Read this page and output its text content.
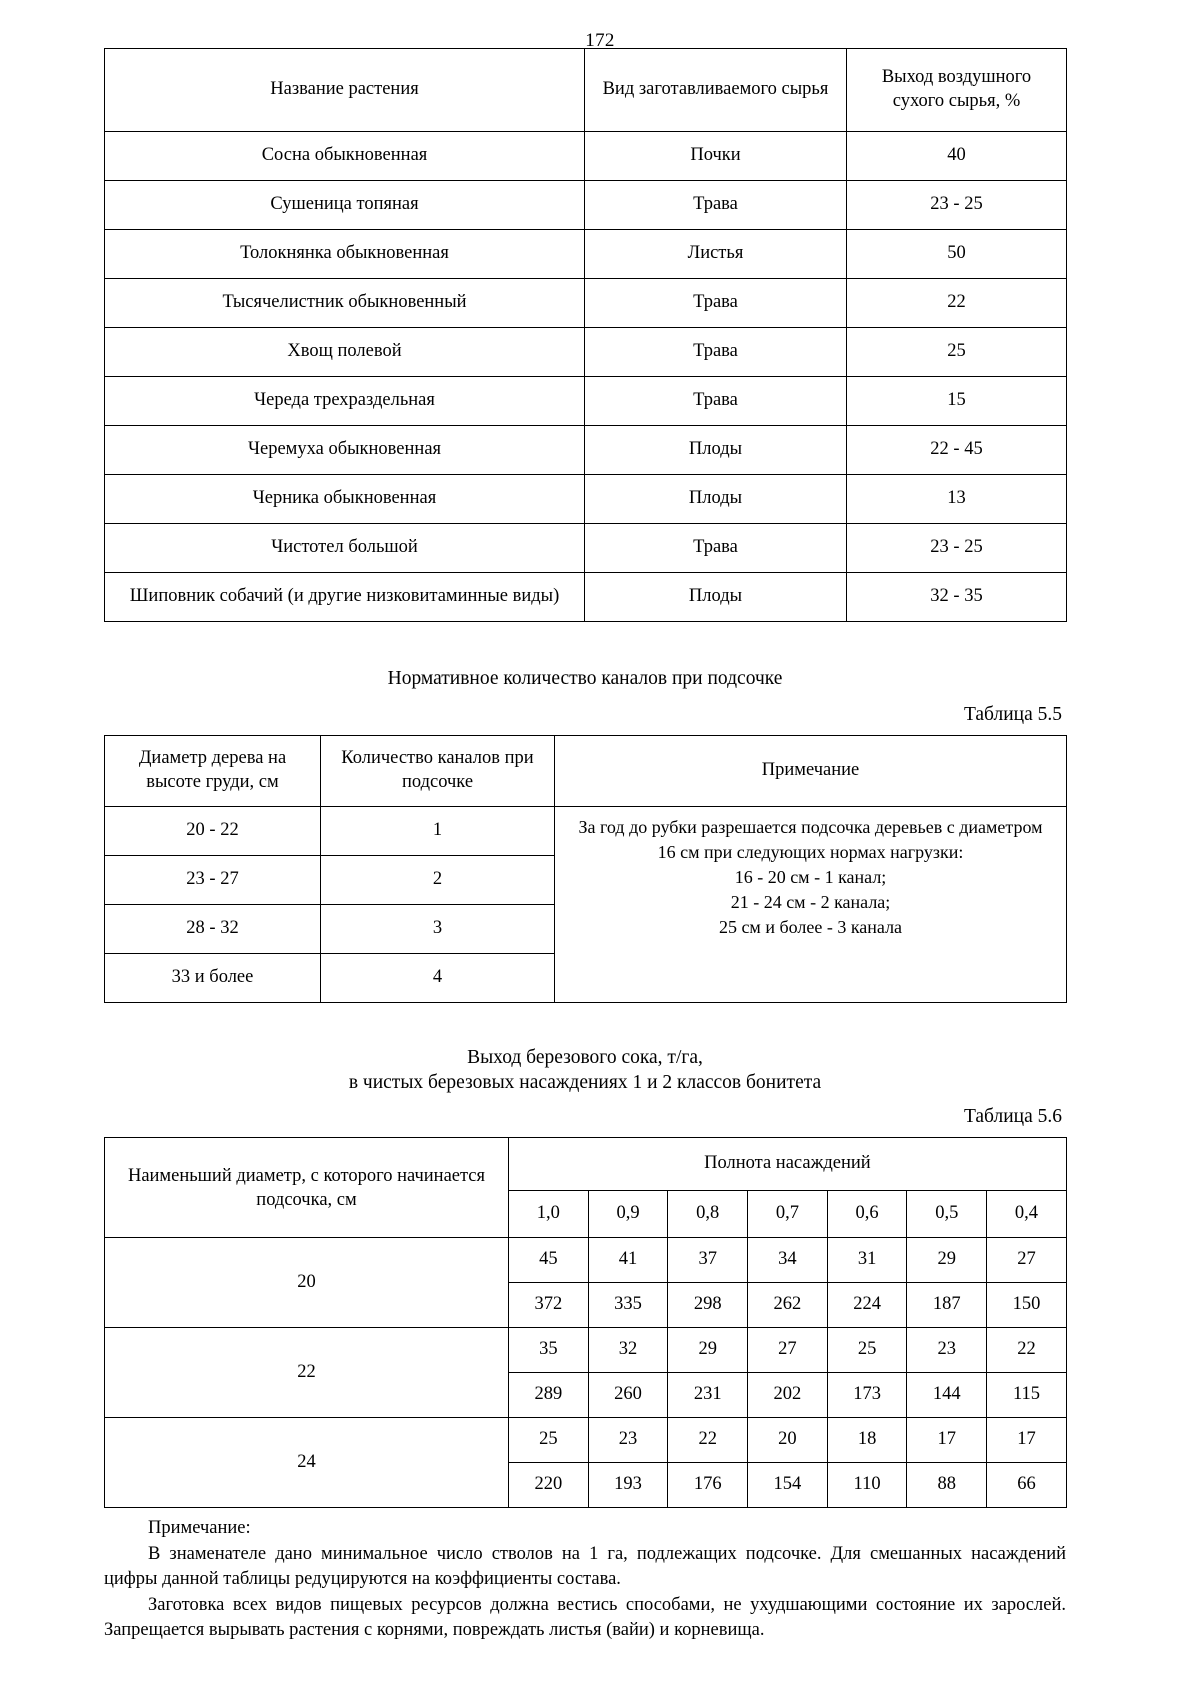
172
Название растения	Вид заготавливаемого сырья	Выход воздушного
сухого сырья, %
Сосна обыкновенная	Почки	40
Сушеница топяная	Трава	23 - 25
Толокнянка обыкновенная	Листья	50
Тысячелистник обыкновенный	Трава	22
Хвощ полевой	Трава	25
Череда трехраздельная	Трава	15
Черемуха обыкновенная	Плоды	22 - 45
Черника обыкновенная	Плоды	13
Чистотел большой	Трава	23 - 25
Шиповник собачий (и другие низковитаминные виды)	Плоды	32 - 35

Нормативное количество каналов при подсочке

Таблица 5.5

Диаметр дерева на
высоте груди, см	Количество каналов при
подсочке	Примечание
20 - 22	1	За год до рубки разрешается подсочка деревьев с диаметром
16 см при следующих нормах нагрузки:
16 - 20 см - 1 канал;
21 - 24 см - 2 канала;
25 см и более - 3 канала

23 - 27	2	
28 - 32	3	
33 и более	4	

Выход березового сока, т/га,
в чистых березовых насаждениях 1 и 2 классов бонитета

Таблица 5.6

Наименьший диаметр, с которого начинается
подсочка, см	Полнота насаждений						
	1,0	0,9	0,8	0,7	0,6	0,5	0,4
20	45	41	37	34	31	29	27
	372	335	298	262	224	187	150
22	35	32	29	27	25	23	22
	289	260	231	202	173	144	115
24	25	23	22	20	18	17	17
	220	193	176	154	110	88	66

Примечание:

В знаменателе дано минимальное число стволов на 1 га, подлежащих подсочке. Для смешанных насаждений цифры данной таблицы редуцируются на коэффициенты состава.

Заготовка всех видов пищевых ресурсов должна вестись способами, не ухудшающими состояние их зарослей. Запрещается вырывать растения с корнями, повреждать листья (вайи) и корневища.
